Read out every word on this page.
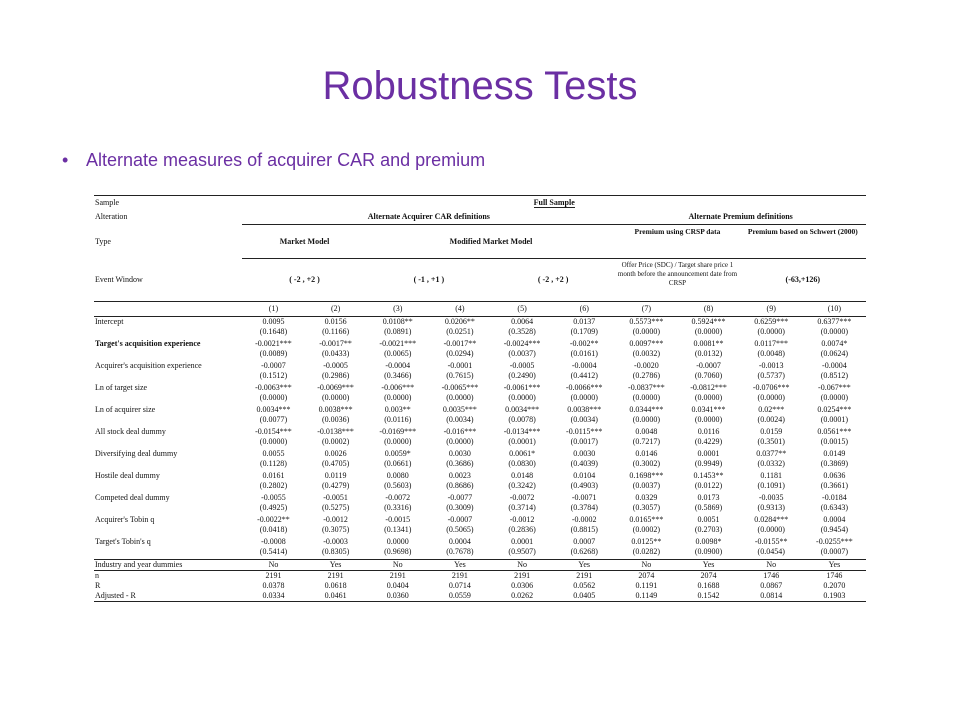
Robustness Tests
• Alternate measures of acquirer CAR and premium
Sample	Full Sample									
Alteration	Alternate Acquirer CAR definitions						Alternate Premium definitions			
Type	Market Model		Modified Market Model				Premium using CRSP data		Premium based on Schwert (2000)	
Event Window	( -2 , +2 )		( -1 , +1 )		( -2 , +2 )		Offer Price (SDC) / Target share price 1 month before the announcement date from CRSP		(-63,+126)	
	(1)	(2)	(3)	(4)	(5)	(6)	(7)	(8)	(9)	(10)
Intercept	0.0095	0.0156	0.0108**	0.0206**	0.0064	0.0137	0.5573***	0.5924***	0.6259***	0.6377***
	(0.1648)	(0.1166)	(0.0891)	(0.0251)	(0.3528)	(0.1709)	(0.0000)	(0.0000)	(0.0000)	(0.0000)
Target's acquisition experience	-0.0021***	-0.0017**	-0.0021***	-0.0017**	-0.0024***	-0.002**	0.0097***	0.0081**	0.0117***	0.0074*
	(0.0089)	(0.0433)	(0.0065)	(0.0294)	(0.0037)	(0.0161)	(0.0032)	(0.0132)	(0.0048)	(0.0624)
Acquirer's acquisition experience	-0.0007	-0.0005	-0.0004	-0.0001	-0.0005	-0.0004	-0.0020	-0.0007	-0.0013	-0.0004
	(0.1512)	(0.2986)	(0.3466)	(0.7615)	(0.2490)	(0.4412)	(0.2786)	(0.7060)	(0.5737)	(0.8512)
Ln of target size	-0.0063***	-0.0069***	-0.006***	-0.0065***	-0.0061***	-0.0066***	-0.0837***	-0.0812***	-0.0706***	-0.067***
	(0.0000)	(0.0000)	(0.0000)	(0.0000)	(0.0000)	(0.0000)	(0.0000)	(0.0000)	(0.0000)	(0.0000)
Ln of acquirer size	0.0034***	0.0038***	0.003**	0.0035***	0.0034***	0.0038***	0.0344***	0.0341***	0.02***	0.0254***
	(0.0077)	(0.0036)	(0.0116)	(0.0034)	(0.0078)	(0.0034)	(0.0000)	(0.0000)	(0.0024)	(0.0001)
All stock deal dummy	-0.0154***	-0.0138***	-0.0169***	-0.016***	-0.0134***	-0.0115***	0.0048	0.0116	0.0159	0.0561***
	(0.0000)	(0.0002)	(0.0000)	(0.0000)	(0.0001)	(0.0017)	(0.7217)	(0.4229)	(0.3501)	(0.0015)
Diversifying deal dummy	0.0055	0.0026	0.0059*	0.0030	0.0061*	0.0030	0.0146	0.0001	0.0377**	0.0149
	(0.1128)	(0.4705)	(0.0661)	(0.3686)	(0.0830)	(0.4039)	(0.3002)	(0.9949)	(0.0332)	(0.3869)
Hostile deal dummy	0.0161	0.0119	0.0080	0.0023	0.0148	0.0104	0.1698***	0.1453**	0.1181	0.0636
	(0.2802)	(0.4279)	(0.5603)	(0.8686)	(0.3242)	(0.4903)	(0.0037)	(0.0122)	(0.1091)	(0.3661)
Competed deal dummy	-0.0055	-0.0051	-0.0072	-0.0077	-0.0072	-0.0071	0.0329	0.0173	-0.0035	-0.0184
	(0.4925)	(0.5275)	(0.3316)	(0.3009)	(0.3714)	(0.3784)	(0.3057)	(0.5869)	(0.9313)	(0.6343)
Acquirer's Tobin q	-0.0022**	-0.0012	-0.0015	-0.0007	-0.0012	-0.0002	0.0165***	0.0051	0.0284***	0.0004
	(0.0418)	(0.3075)	(0.1341)	(0.5065)	(0.2836)	(0.8815)	(0.0002)	(0.2703)	(0.0000)	(0.9454)
Target's Tobin's q	-0.0008	-0.0003	0.0000	0.0004	0.0001	0.0007	0.0125**	0.0098*	-0.0155**	-0.0255***
	(0.5414)	(0.8305)	(0.9698)	(0.7678)	(0.9507)	(0.6268)	(0.0282)	(0.0900)	(0.0454)	(0.0007)
Industry and year dummies	No	Yes	No	Yes	No	Yes	No	Yes	No	Yes
n	2191	2191	2191	2191	2191	2191	2074	2074	1746	1746
R	0.0378	0.0618	0.0404	0.0714	0.0306	0.0562	0.1191	0.1688	0.0867	0.2070
Adjusted - R	0.0334	0.0461	0.0360	0.0559	0.0262	0.0405	0.1149	0.1542	0.0814	0.1903
